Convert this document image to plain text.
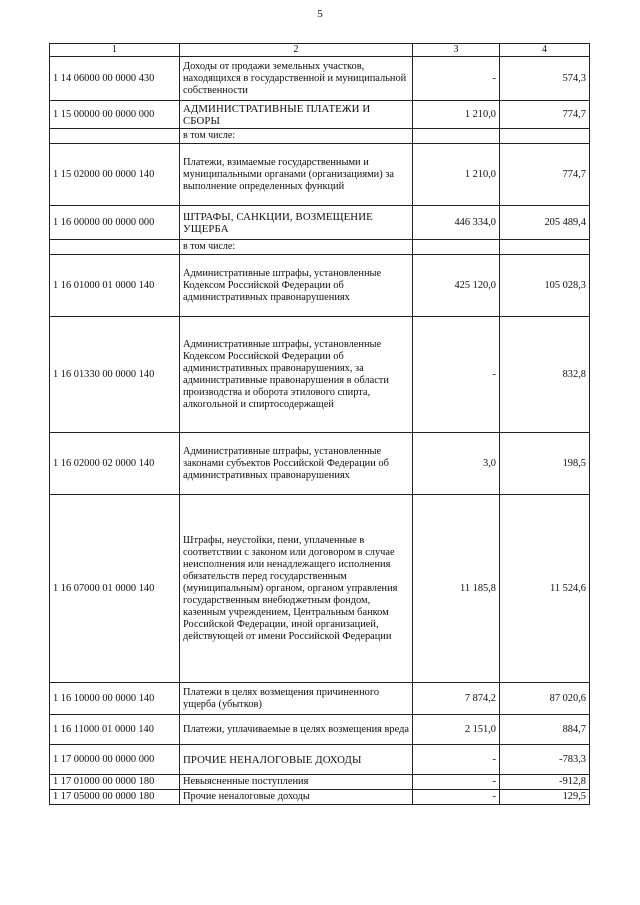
5
1	2	3	4
1 14 06000 00 0000 430	Доходы от продажи земельных участков, находящихся в государственной и муниципальной собственности	-	574,3
1 15 00000 00 0000 000	АДМИНИСТРАТИВНЫЕ ПЛАТЕЖИ И СБОРЫ	1 210,0	774,7
	в том числе:		
1 15 02000 00 0000 140	Платежи, взимаемые государственными и муниципальными органами (организациями) за выполнение определенных функций	1 210,0	774,7
1 16 00000 00 0000 000	ШТРАФЫ, САНКЦИИ, ВОЗМЕЩЕНИЕ УЩЕРБА	446 334,0	205 489,4
	в том числе:		
1 16 01000 01 0000 140	Административные штрафы, установленные Кодексом Российской Федерации об административных правонарушениях	425 120,0	105 028,3
1 16 01330 00 0000 140	Административные штрафы, установленные Кодексом Российской Федерации об административных правонарушениях, за административные правонарушения в области производства и оборота этилового спирта, алкогольной и спиртосодержащей	-	832,8
1 16 02000 02 0000 140	Административные штрафы, установленные законами субъектов Российской Федерации об административных правонарушениях	3,0	198,5
1 16 07000 01 0000 140	Штрафы, неустойки, пени, уплаченные в соответствии с законом или договором в случае неисполнения или ненадлежащего исполнения обязательств перед государственным (муниципальным) органом, органом управления государственным внебюджетным фондом, казенным учреждением, Центральным банком Российской Федерации, иной организацией, действующей от имени Российской Федерации	11 185,8	11 524,6
1 16 10000 00 0000 140	Платежи в целях возмещения причиненного ущерба (убытков)	7 874,2	87 020,6
1 16 11000 01 0000 140	Платежи, уплачиваемые в целях возмещения вреда	2 151,0	884,7
1 17 00000 00 0000 000	ПРОЧИЕ НЕНАЛОГОВЫЕ ДОХОДЫ	-	-783,3
1 17 01000 00 0000 180	Невыясненные поступления	-	-912,8
1 17 05000 00 0000 180	Прочие неналоговые доходы	-	129,5
